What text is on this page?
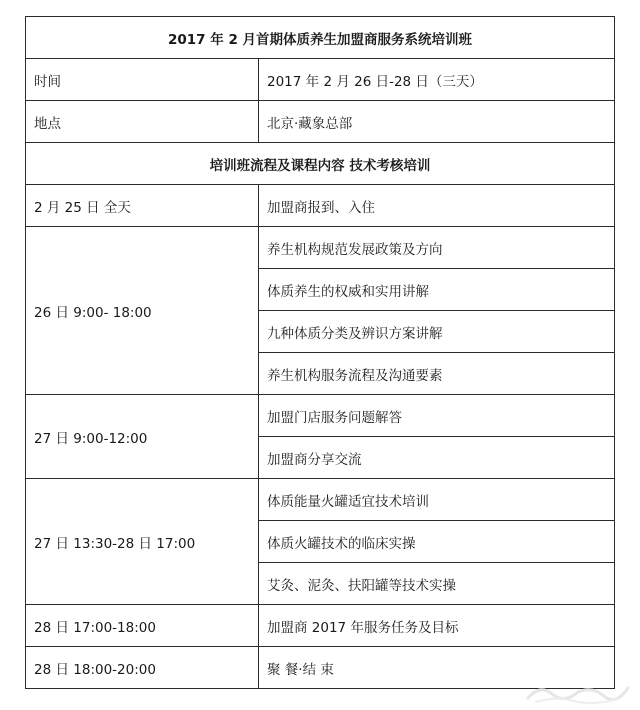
2017 年 2 月首期体质养生加盟商服务系统培训班	
时间	2017 年 2 月 26 日-28 日（三天）
地点	北京·藏象总部
培训班流程及课程内容 技术考核培训	
2 月 25 日 全天	加盟商报到、入住
26 日 9:00- 18:00	养生机构规范发展政策及方向
	体质养生的权威和实用讲解
	九种体质分类及辨识方案讲解
	养生机构服务流程及沟通要素
27 日 9:00-12:00	加盟门店服务问题解答
	加盟商分享交流
27 日 13:30-28 日 17:00	体质能量火罐适宜技术培训
	体质火罐技术的临床实操
	艾灸、泥灸、扶阳罐等技术实操
28 日 17:00-18:00	加盟商 2017 年服务任务及目标
28 日 18:00-20:00	聚 餐·结 束
